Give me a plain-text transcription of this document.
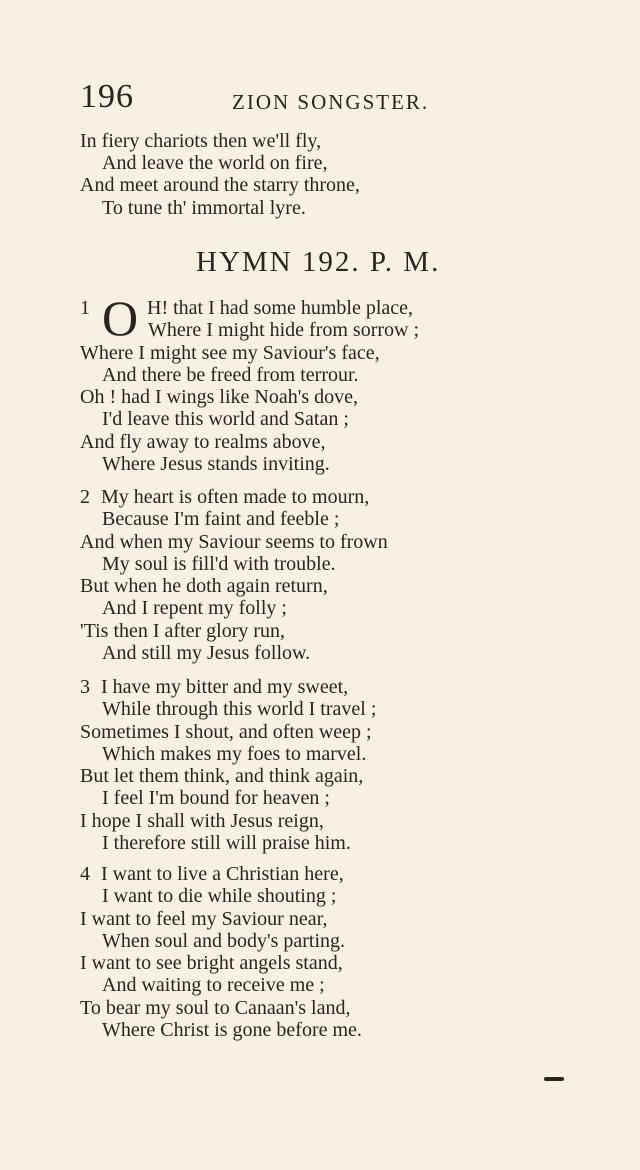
196	ZION SONGSTER.
In fiery chariots then we'll fly,
And leave the world on fire,
And meet around the starry throne,
To tune th' immortal lyre.
HYMN 192. P. M.
1 O H! that I had some humble place,
Where I might hide from sorrow ;
Where I might see my Saviour's face,
And there be freed from terrour.
Oh ! had I wings like Noah's dove,
I'd leave this world and Satan ;
And fly away to realms above,
Where Jesus stands inviting.
2 My heart is often made to mourn,
Because I'm faint and feeble ;
And when my Saviour seems to frown
My soul is fill'd with trouble.
But when he doth again return,
And I repent my folly ;
'Tis then I after glory run,
And still my Jesus follow.
3 I have my bitter and my sweet,
While through this world I travel ;
Sometimes I shout, and often weep ;
Which makes my foes to marvel.
But let them think, and think again,
I feel I'm bound for heaven ;
I hope I shall with Jesus reign,
I therefore still will praise him.
4 I want to live a Christian here,
I want to die while shouting ;
I want to feel my Saviour near,
When soul and body's parting.
I want to see bright angels stand,
And waiting to receive me ;
To bear my soul to Canaan's land,
Where Christ is gone before me.
